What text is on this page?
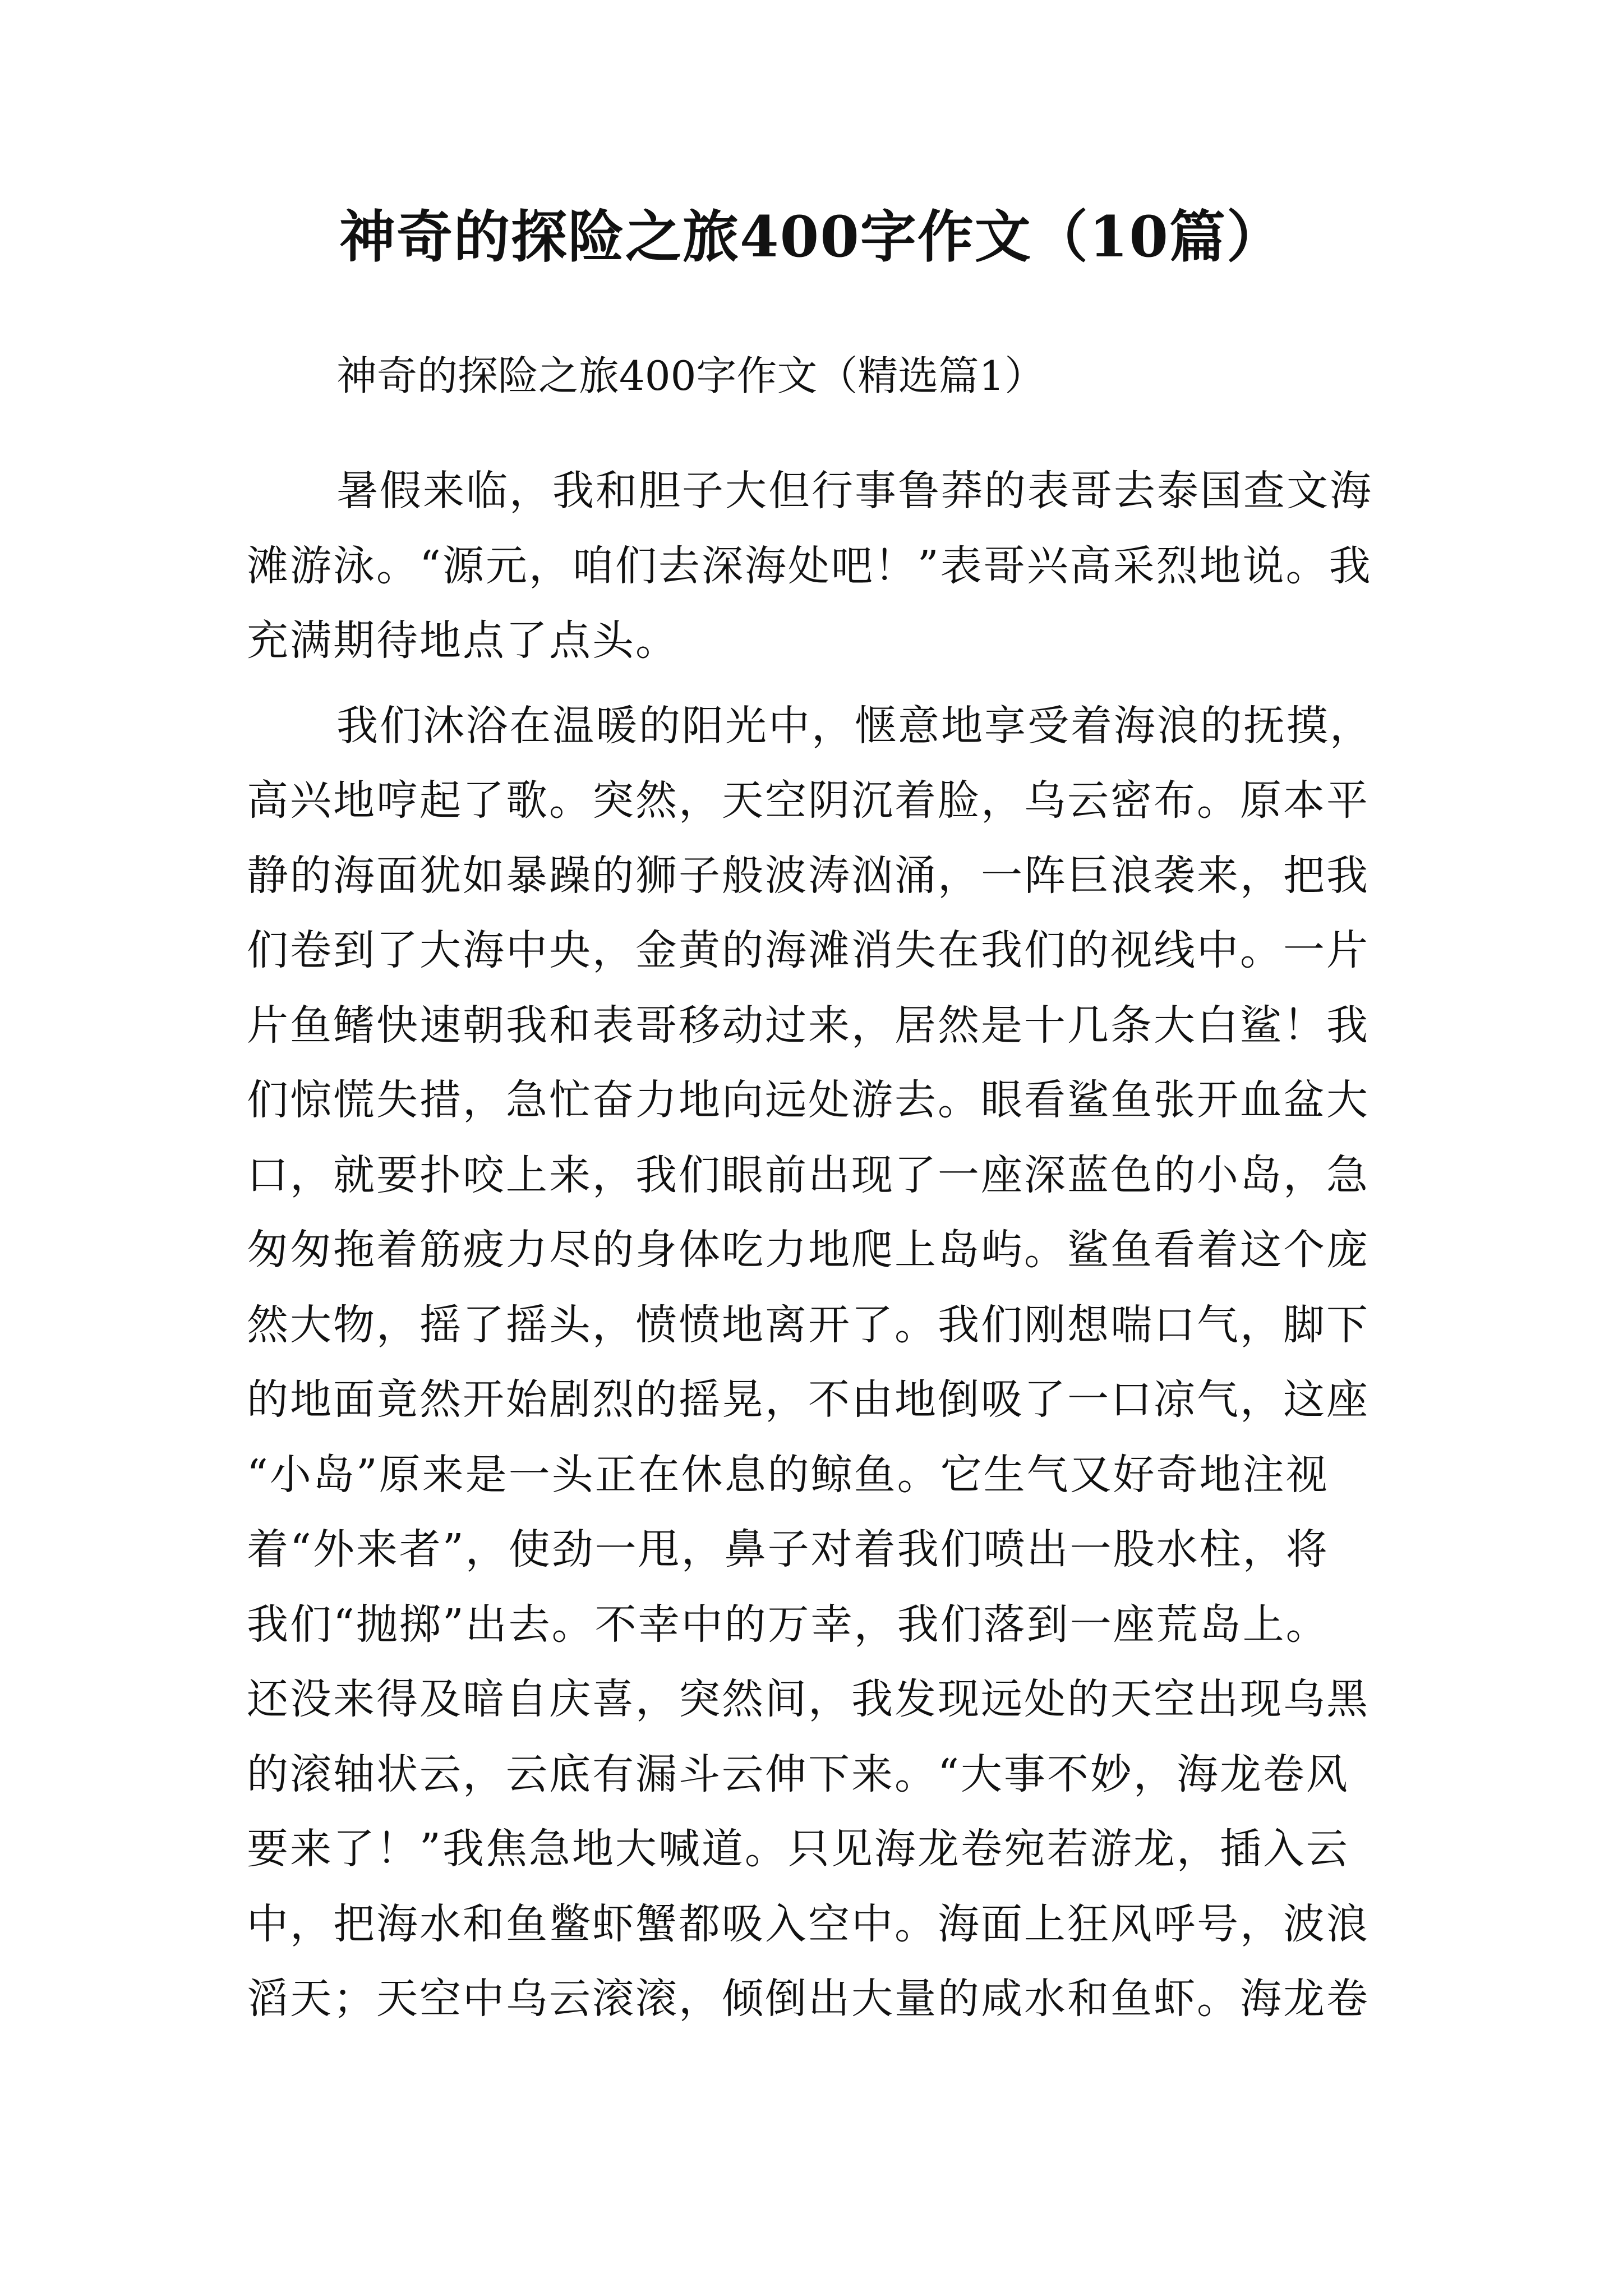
神奇的探险之旅400字作文（10篇）
神奇的探险之旅400字作文（精选篇1）
暑假来临，我和胆子大但行事鲁莽的表哥去泰国查文海
滩游泳。“源元，咱们去深海处吧！”表哥兴高采烈地说。我
充满期待地点了点头。
我们沐浴在温暖的阳光中，惬意地享受着海浪的抚摸，
高兴地哼起了歌。突然，天空阴沉着脸，乌云密布。原本平
静的海面犹如暴躁的狮子般波涛汹涌，一阵巨浪袭来，把我
们卷到了大海中央，金黄的海滩消失在我们的视线中。一片
片鱼鳍快速朝我和表哥移动过来，居然是十几条大白鲨！我
们惊慌失措，急忙奋力地向远处游去。眼看鲨鱼张开血盆大
口，就要扑咬上来，我们眼前出现了一座深蓝色的小岛，急
匆匆拖着筋疲力尽的身体吃力地爬上岛屿。鲨鱼看着这个庞
然大物，摇了摇头，愤愤地离开了。我们刚想喘口气，脚下
的地面竟然开始剧烈的摇晃，不由地倒吸了一口凉气，这座
“小岛”原来是一头正在休息的鲸鱼。它生气又好奇地注视
着“外来者”，使劲一甩，鼻子对着我们喷出一股水柱，将
我们“抛掷”出去。不幸中的万幸，我们落到一座荒岛上。
还没来得及暗自庆喜，突然间，我发现远处的天空出现乌黑
的滚轴状云，云底有漏斗云伸下来。“大事不妙，海龙卷风
要来了！”我焦急地大喊道。只见海龙卷宛若游龙，插入云
中，把海水和鱼鳖虾蟹都吸入空中。海面上狂风呼号，波浪
滔天；天空中乌云滚滚，倾倒出大量的咸水和鱼虾。海龙卷
